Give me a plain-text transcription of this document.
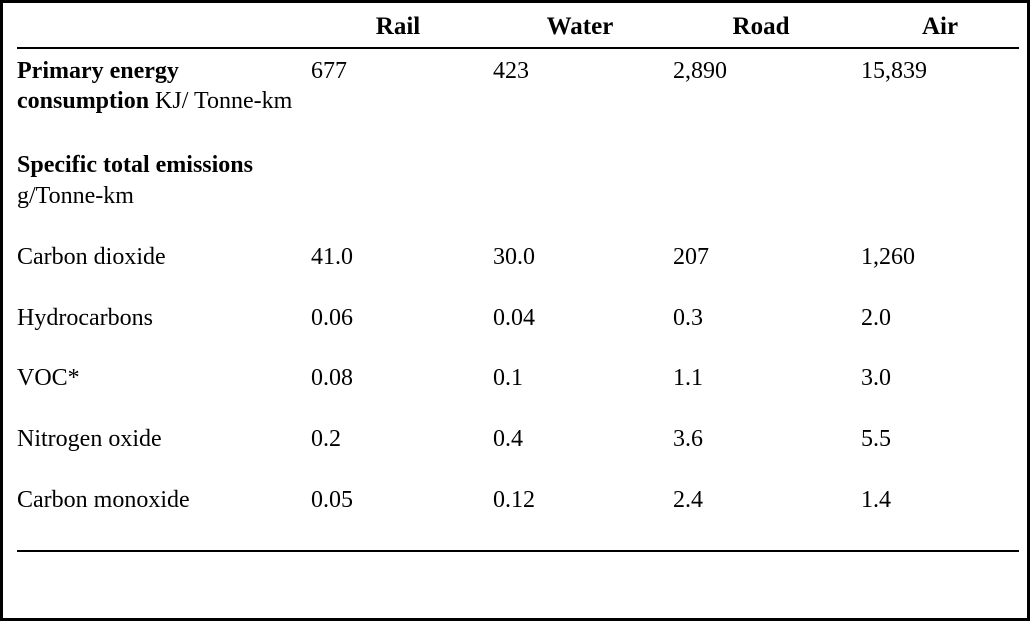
	Rail	Water	Road	Air
Primary energy consumption KJ/ Tonne-km	677	423	2,890	15,839

Specific total emissions
g/Tonne-km				

Carbon dioxide	41.0	30.0	207	1,260
Hydrocarbons	0.06	0.04	0.3	2.0
VOC*	0.08	0.1	1.1	3.0
Nitrogen oxide	0.2	0.4	3.6	5.5
Carbon monoxide	0.05	0.12	2.4	1.4
